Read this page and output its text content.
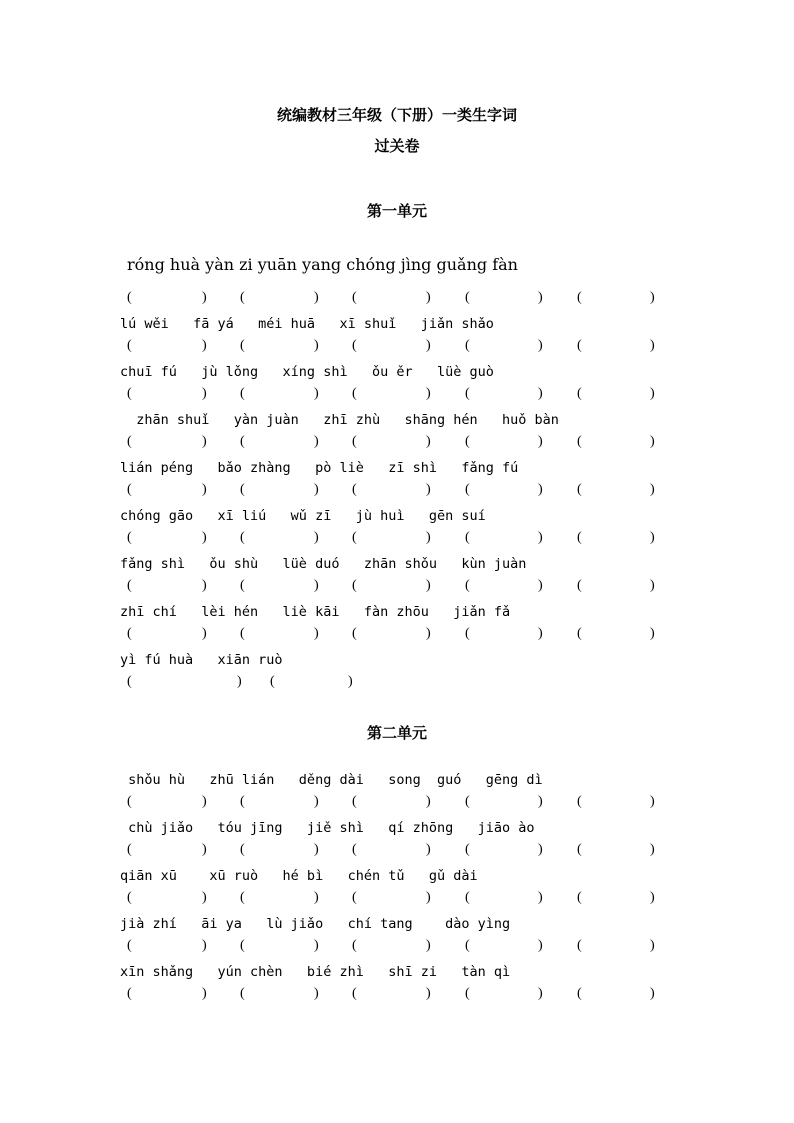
统编教材三年级（下册）一类生字词
过关卷
第一单元

róng huà yàn zi yuān yang chóng jìng guǎng fàn

(	) (	) (	) (	) (	)

lú wěi   fā yá   méi huā   xī shuǐ   jiǎn shǎo

(	) (	) (	) (	) (	)

chuī fú   jù lǒng   xíng shì   ǒu ěr   lüè guò

(	) (	) (	) (	) (	)

zhān shuǐ   yàn juàn   zhī zhù   shāng hén   huǒ bàn

(	) (	) (	) (	) (	)

lián péng   bǎo zhàng   pò liè   zī shì   fǎng fú

(	) (	) (	) (	) (	)

chóng gāo   xī liú   wǔ zī   jù huì   gēn suí

(	) (	) (	) (	) (	)

fǎng shì   ǒu shù   lüè duó   zhān shǒu   kùn juàn

(	) (	) (	) (	) (	)

zhī chí   lèi hén   liè kāi   fàn zhōu   jiǎn fǎ

(	) (	) (	) (	) (	)

yì fú huà   xiān ruò

(	) (	)
第二单元

shǒu hù   zhū lián   děng dài   song  guó   gēng dì

(	) (	) (	) (	) (	)

chù jiǎo   tóu jīng   jiě shì   qí zhōng   jiāo ào

(	) (	) (	) (	) (	)

qiān xū    xū ruò   hé bì   chén tǔ   gǔ dài

(	) (	) (	) (	) (	)

jià zhí   āi ya   lù jiǎo   chí tang    dào yìng

(	) (	) (	) (	) (	)

xīn shǎng   yún chèn   bié zhì   shī zi   tàn qì

(	) (	) (	) (	) (	)
